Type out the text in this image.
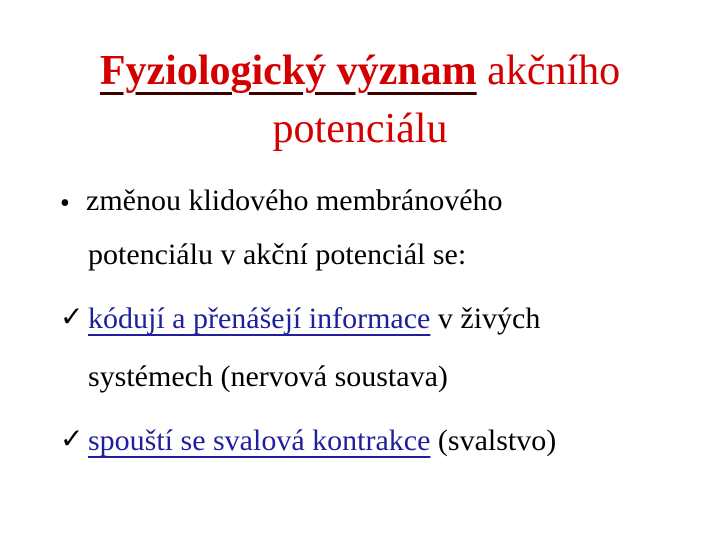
Fyziologický význam akčního
potenciálu
• změnou klidového membránového
potenciálu v akční potenciál se:
✓ kódují a přenášejí informace v živých
systémech (nervová soustava)
✓ spouští se svalová kontrakce (svalstvo)
